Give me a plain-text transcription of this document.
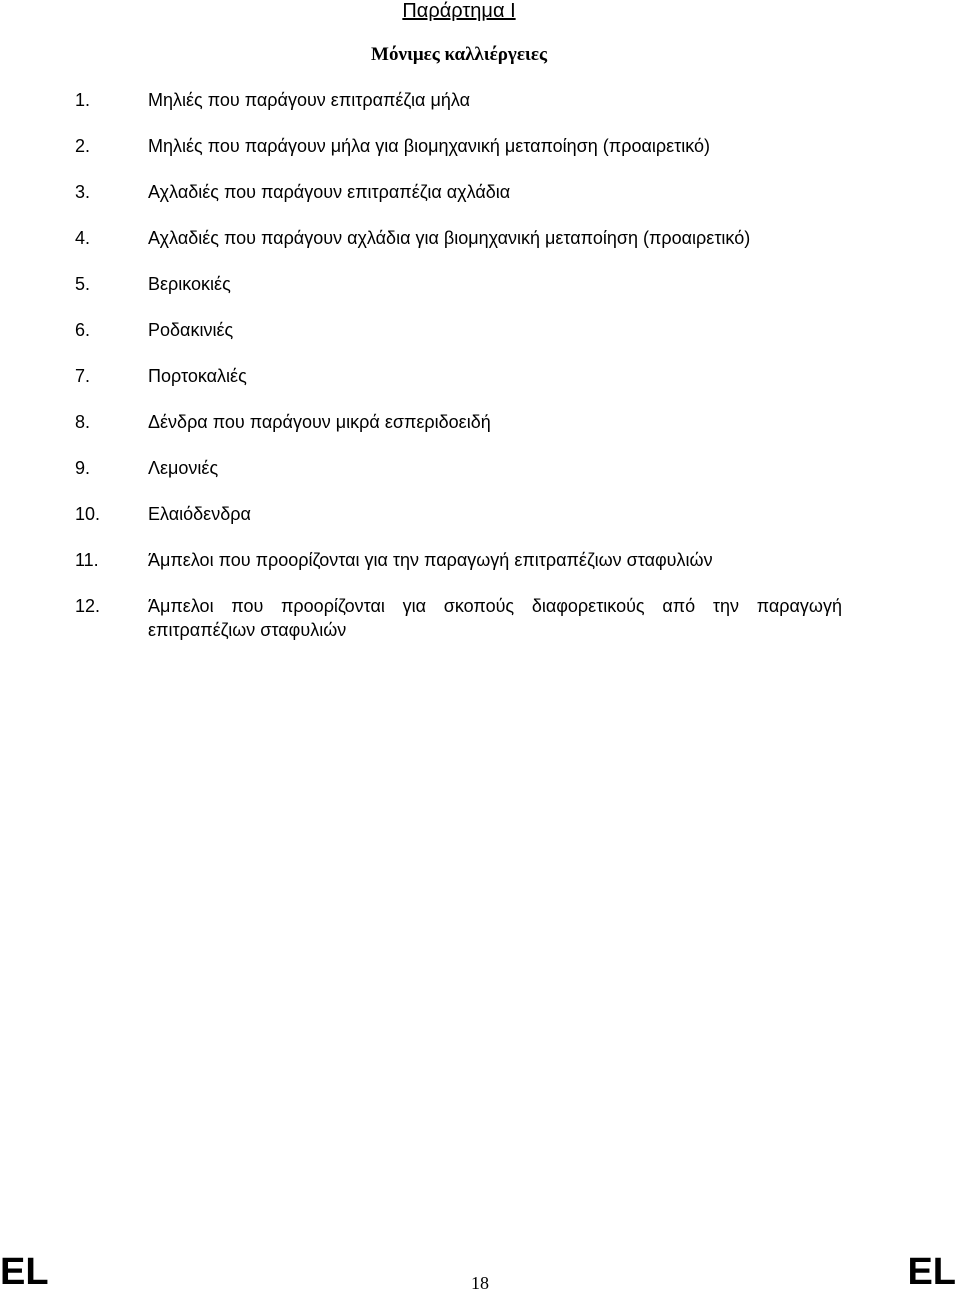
Παράρτημα Ι
Μόνιμες καλλιέργειες
1.	Μηλιές που παράγουν επιτραπέζια μήλα
2.	Μηλιές που παράγουν μήλα για βιομηχανική μεταποίηση (προαιρετικό)
3.	Αχλαδιές που παράγουν επιτραπέζια αχλάδια
4.	Αχλαδιές που παράγουν αχλάδια για βιομηχανική μεταποίηση (προαιρετικό)
5.	Βερικοκιές
6.	Ροδακινιές
7.	Πορτοκαλιές
8.	Δένδρα που παράγουν μικρά εσπεριδοειδή
9.	Λεμονιές
10.	Ελαιόδενδρα
11.	Άμπελοι που προορίζονται για την παραγωγή επιτραπέζιων σταφυλιών
12.	Άμπελοι που προορίζονται για σκοπούς διαφορετικούς από την παραγωγή επιτραπέζιων σταφυλιών
EL	18	EL
